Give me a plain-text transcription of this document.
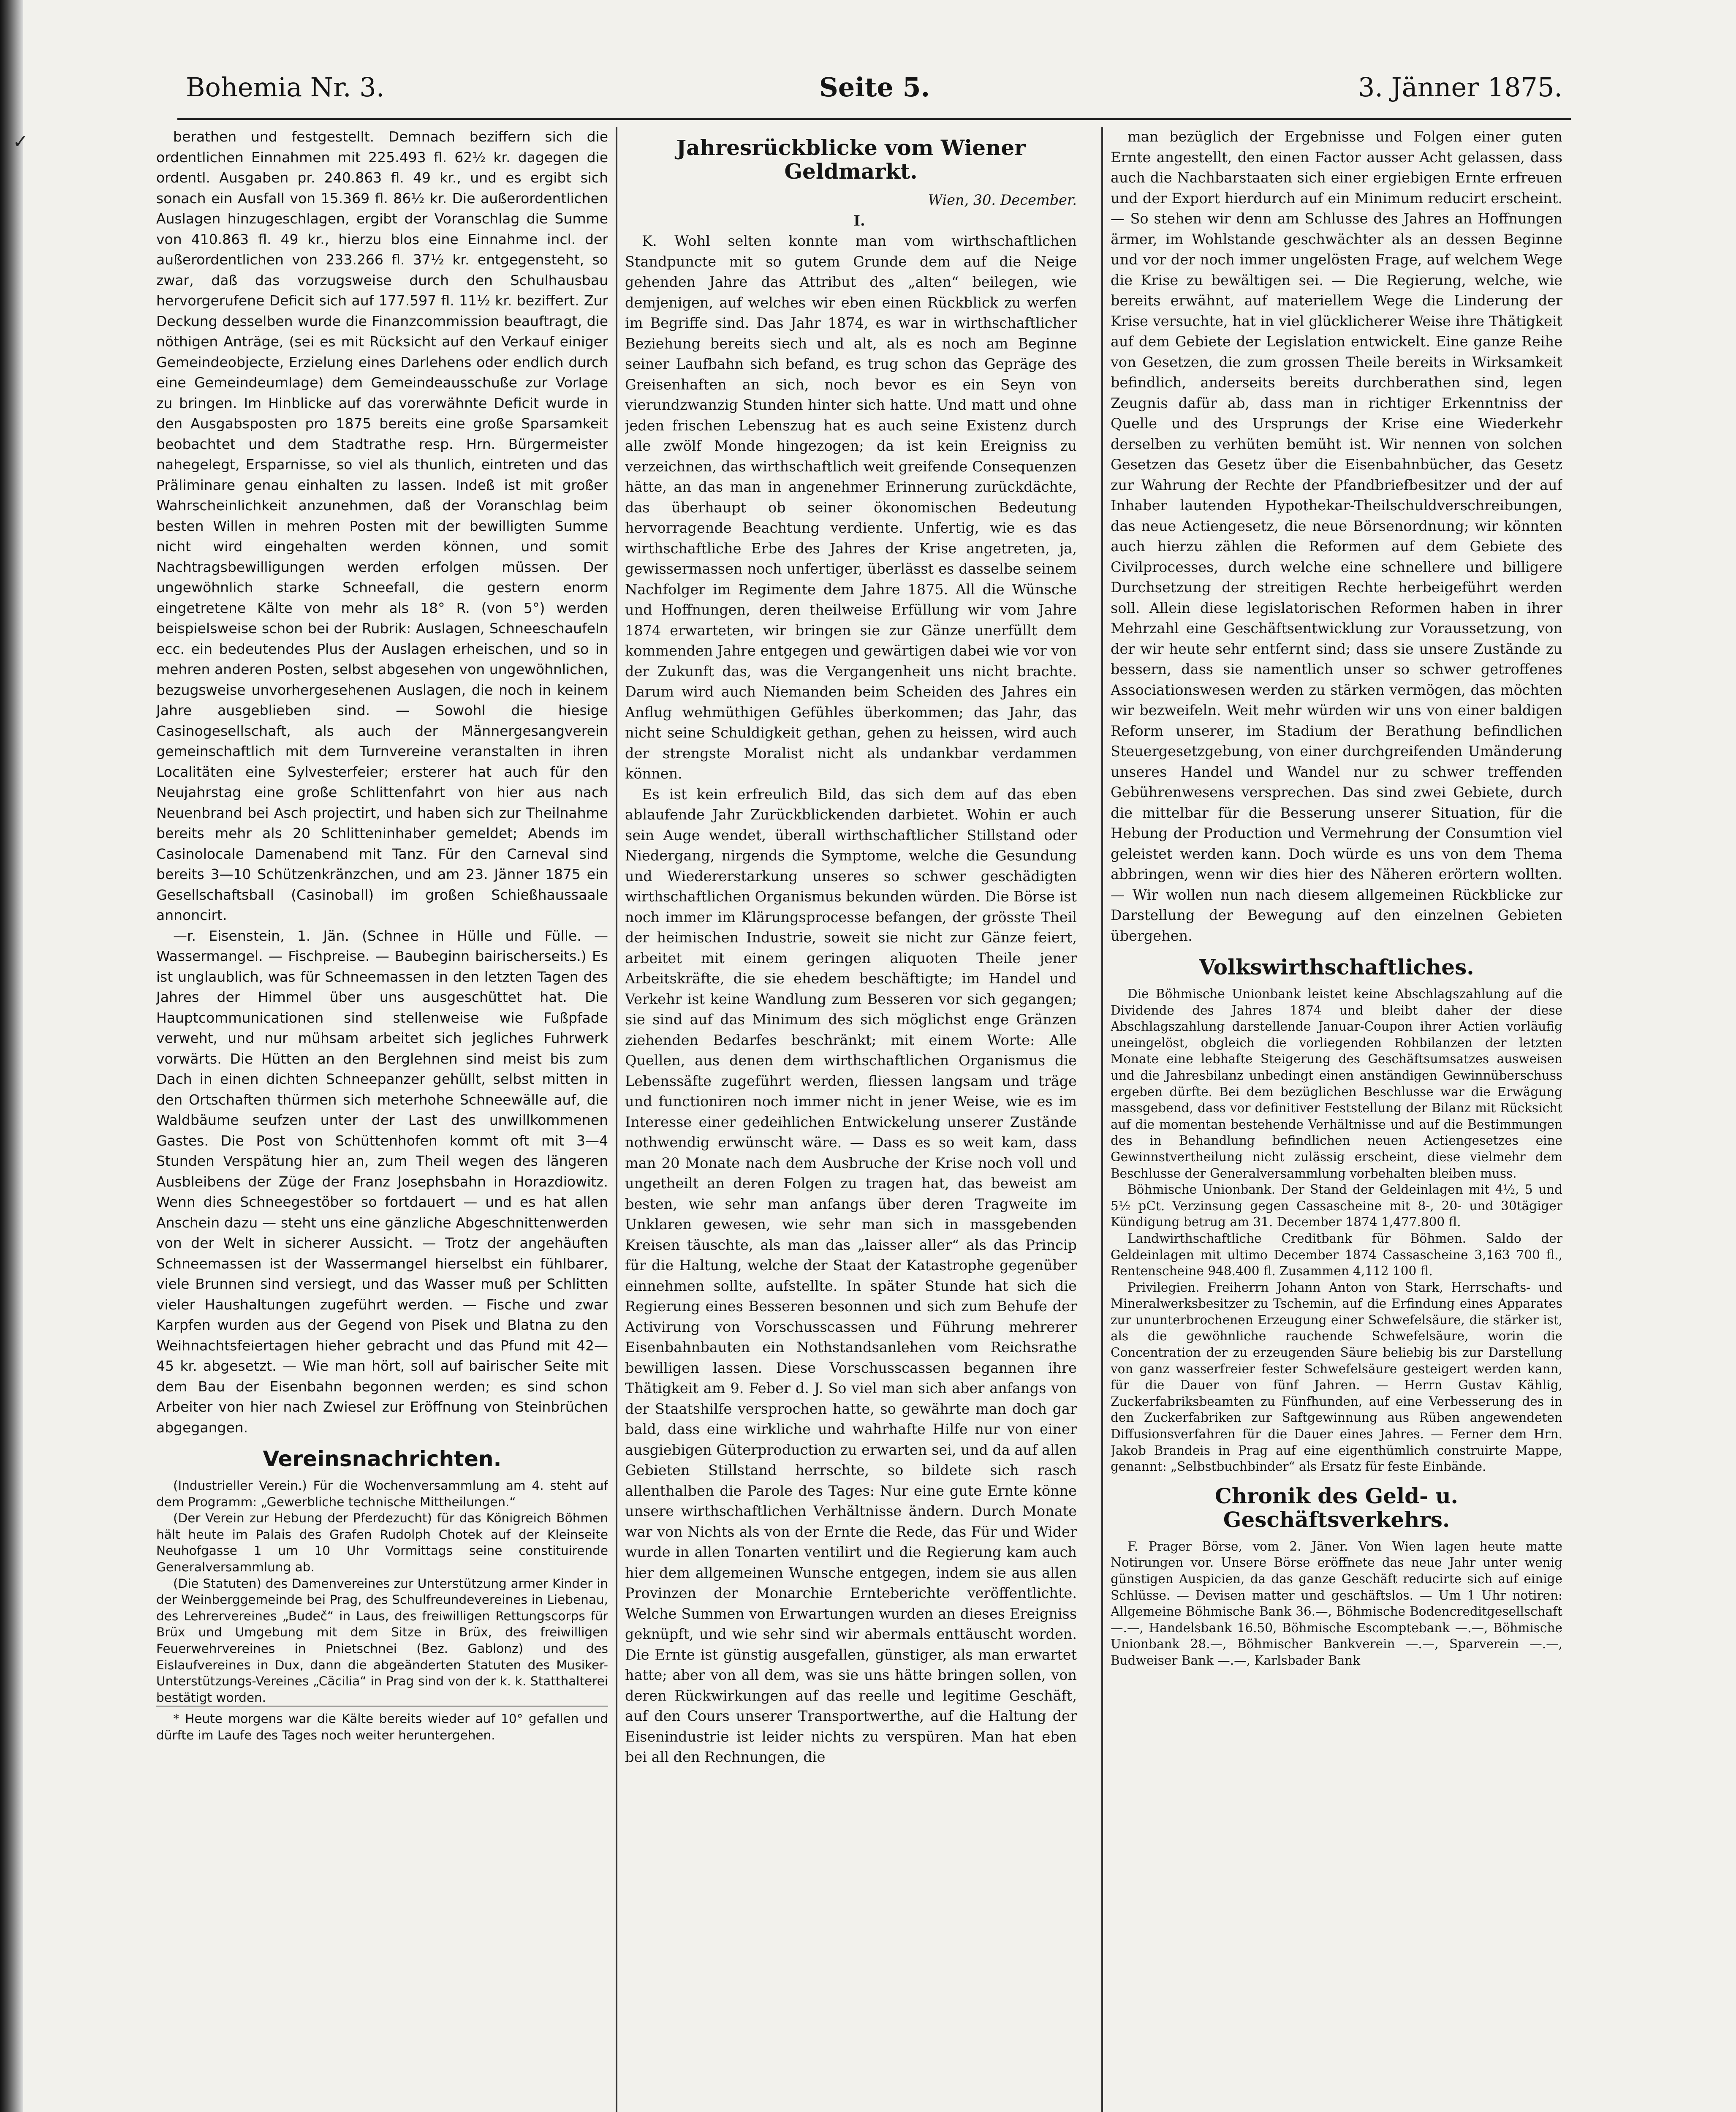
✓
Bohemia Nr. 3.	Seite 5.	3. Jänner 1875.

berathen und festgestellt. Demnach beziffern sich die ordentlichen Einnahmen mit 225.493 fl. 62½ kr. dagegen die ordentl. Ausgaben pr. 240.863 fl. 49 kr., und es ergibt sich sonach ein Ausfall von 15.369 fl. 86½ kr. Die außerordentlichen Auslagen hinzugeschlagen, ergibt der Voranschlag die Summe von 410.863 fl. 49 kr., hierzu blos eine Einnahme incl. der außerordentlichen von 233.266 fl. 37½ kr. entgegensteht, so zwar, daß das vorzugsweise durch den Schulhausbau hervorgerufene Deficit sich auf 177.597 fl. 11½ kr. beziffert. Zur Deckung desselben wurde die Finanzcommission beauftragt, die nöthigen Anträge, (sei es mit Rücksicht auf den Verkauf einiger Gemeindeobjecte, Erzielung eines Darlehens oder endlich durch eine Gemeindeumlage) dem Gemeindeausschuße zur Vorlage zu bringen. Im Hinblicke auf das vorerwähnte Deficit wurde in den Ausgabsposten pro 1875 bereits eine große Sparsamkeit beobachtet und dem Stadtrathe resp. Hrn. Bürgermeister nahegelegt, Ersparnisse, so viel als thunlich, eintreten und das Präliminare genau einhalten zu lassen. Indeß ist mit großer Wahrscheinlichkeit anzunehmen, daß der Voranschlag beim besten Willen in mehren Posten mit der bewilligten Summe nicht wird eingehalten werden können, und somit Nachtragsbewilligungen werden erfolgen müssen. Der ungewöhnlich starke Schneefall, die gestern enorm eingetretene Kälte von mehr als 18° R. (von 5°) werden beispielsweise schon bei der Rubrik: Auslagen, Schneeschaufeln ecc. ein bedeutendes Plus der Auslagen erheischen, und so in mehren anderen Posten, selbst abgesehen von ungewöhnlichen, bezugsweise unvorhergesehenen Auslagen, die noch in keinem Jahre ausgeblieben sind. — Sowohl die hiesige Casinogesellschaft, als auch der Männergesangverein gemeinschaftlich mit dem Turnvereine veranstalten in ihren Localitäten eine Sylvesterfeier; ersterer hat auch für den Neujahrstag eine große Schlittenfahrt von hier aus nach Neuenbrand bei Asch projectirt, und haben sich zur Theilnahme bereits mehr als 20 Schlitteninhaber gemeldet; Abends im Casinolocale Damenabend mit Tanz. Für den Carneval sind bereits 3—10 Schützenkränzchen, und am 23. Jänner 1875 ein Gesellschaftsball (Casinoball) im großen Schießhaussaale annoncirt.

—r. Eisenstein, 1. Jän. (Schnee in Hülle und Fülle. — Wassermangel. — Fischpreise. — Baubeginn bairischerseits.) Es ist unglaublich, was für Schneemassen in den letzten Tagen des Jahres der Himmel über uns ausgeschüttet hat. Die Hauptcommunicationen sind stellenweise wie Fußpfade verweht, und nur mühsam arbeitet sich jegliches Fuhrwerk vorwärts. Die Hütten an den Berglehnen sind meist bis zum Dach in einen dichten Schneepanzer gehüllt, selbst mitten in den Ortschaften thürmen sich meterhohe Schneewälle auf, die Waldbäume seufzen unter der Last des unwillkommenen Gastes. Die Post von Schüttenhofen kommt oft mit 3—4 Stunden Verspätung hier an, zum Theil wegen des längeren Ausbleibens der Züge der Franz Josephsbahn in Horazdiowitz. Wenn dies Schneegestöber so fortdauert — und es hat allen Anschein dazu — steht uns eine gänzliche Abgeschnittenwerden von der Welt in sicherer Aussicht. — Trotz der angehäuften Schneemassen ist der Wassermangel hierselbst ein fühlbarer, viele Brunnen sind versiegt, und das Wasser muß per Schlitten vieler Haushaltungen zugeführt werden. — Fische und zwar Karpfen wurden aus der Gegend von Pisek und Blatna zu den Weihnachtsfeiertagen hieher gebracht und das Pfund mit 42—45 kr. abgesetzt. — Wie man hört, soll auf bairischer Seite mit dem Bau der Eisenbahn begonnen werden; es sind schon Arbeiter von hier nach Zwiesel zur Eröffnung von Steinbrüchen abgegangen.

Vereinsnachrichten.

(Industrieller Verein.) Für die Wochenversammlung am 4. steht auf dem Programm: „Gewerbliche technische Mittheilungen.“

(Der Verein zur Hebung der Pferdezucht) für das Königreich Böhmen hält heute im Palais des Grafen Rudolph Chotek auf der Kleinseite Neuhofgasse 1 um 10 Uhr Vormittags seine constituirende Generalversammlung ab.

(Die Statuten) des Damenvereines zur Unterstützung armer Kinder in der Weinberggemeinde bei Prag, des Schulfreundevereines in Liebenau, des Lehrervereines „Budeč“ in Laus, des freiwilligen Rettungscorps für Brüx und Umgebung mit dem Sitze in Brüx, des freiwilligen Feuerwehrvereines in Pnietschnei (Bez. Gablonz) und des Eislaufvereines in Dux, dann die abgeänderten Statuten des Musiker-Unterstützungs-Vereines „Cäcilia“ in Prag sind von der k. k. Statthalterei bestätigt worden.

* Heute morgens war die Kälte bereits wieder auf 10° gefallen und dürfte im Laufe des Tages noch weiter heruntergehen.

Jahresrückblicke vom Wiener Geldmarkt.

Wien, 30. December.

I.

K. Wohl selten konnte man vom wirthschaftlichen Standpuncte mit so gutem Grunde dem auf die Neige gehenden Jahre das Attribut des „alten“ beilegen, wie demjenigen, auf welches wir eben einen Rückblick zu werfen im Begriffe sind. Das Jahr 1874, es war in wirthschaftlicher Beziehung bereits siech und alt, als es noch am Beginne seiner Laufbahn sich befand, es trug schon das Gepräge des Greisenhaften an sich, noch bevor es ein Seyn von vierundzwanzig Stunden hinter sich hatte. Und matt und ohne jeden frischen Lebenszug hat es auch seine Existenz durch alle zwölf Monde hingezogen; da ist kein Ereigniss zu verzeichnen, das wirthschaftlich weit greifende Consequenzen hätte, an das man in angenehmer Erinnerung zurückdächte, das überhaupt ob seiner ökonomischen Bedeutung hervorragende Beachtung verdiente. Unfertig, wie es das wirthschaftliche Erbe des Jahres der Krise angetreten, ja, gewissermassen noch unfertiger, überlässt es dasselbe seinem Nachfolger im Regimente dem Jahre 1875. All die Wünsche und Hoffnungen, deren theilweise Erfüllung wir vom Jahre 1874 erwarteten, wir bringen sie zur Gänze unerfüllt dem kommenden Jahre entgegen und gewärtigen dabei wie vor von der Zukunft das, was die Vergangenheit uns nicht brachte. Darum wird auch Niemanden beim Scheiden des Jahres ein Anflug wehmüthigen Gefühles überkommen; das Jahr, das nicht seine Schuldigkeit gethan, gehen zu heissen, wird auch der strengste Moralist nicht als undankbar verdammen können.

Es ist kein erfreulich Bild, das sich dem auf das eben ablaufende Jahr Zurückblickenden darbietet. Wohin er auch sein Auge wendet, überall wirthschaftlicher Stillstand oder Niedergang, nirgends die Symptome, welche die Gesundung und Wiedererstarkung unseres so schwer geschädigten wirthschaftlichen Organismus bekunden würden. Die Börse ist noch immer im Klärungsprocesse befangen, der grösste Theil der heimischen Industrie, soweit sie nicht zur Gänze feiert, arbeitet mit einem geringen aliquoten Theile jener Arbeitskräfte, die sie ehedem beschäftigte; im Handel und Verkehr ist keine Wandlung zum Besseren vor sich gegangen; sie sind auf das Minimum des sich möglichst enge Gränzen ziehenden Bedarfes beschränkt; mit einem Worte: Alle Quellen, aus denen dem wirthschaftlichen Organismus die Lebenssäfte zugeführt werden, fliessen langsam und träge und functioniren noch immer nicht in jener Weise, wie es im Interesse einer gedeihlichen Entwickelung unserer Zustände nothwendig erwünscht wäre. — Dass es so weit kam, dass man 20 Monate nach dem Ausbruche der Krise noch voll und ungetheilt an deren Folgen zu tragen hat, das beweist am besten, wie sehr man anfangs über deren Tragweite im Unklaren gewesen, wie sehr man sich in massgebenden Kreisen täuschte, als man das „laisser aller“ als das Princip für die Haltung, welche der Staat der Katastrophe gegenüber einnehmen sollte, aufstellte. In später Stunde hat sich die Regierung eines Besseren besonnen und sich zum Behufe der Activirung von Vorschusscassen und Führung mehrerer Eisenbahnbauten ein Nothstandsanlehen vom Reichsrathe bewilligen lassen. Diese Vorschusscassen begannen ihre Thätigkeit am 9. Feber d. J. So viel man sich aber anfangs von der Staatshilfe versprochen hatte, so gewährte man doch gar bald, dass eine wirkliche und wahrhafte Hilfe nur von einer ausgiebigen Güterproduction zu erwarten sei, und da auf allen Gebieten Stillstand herrschte, so bildete sich rasch allenthalben die Parole des Tages: Nur eine gute Ernte könne unsere wirthschaftlichen Verhältnisse ändern. Durch Monate war von Nichts als von der Ernte die Rede, das Für und Wider wurde in allen Tonarten ventilirt und die Regierung kam auch hier dem allgemeinen Wunsche entgegen, indem sie aus allen Provinzen der Monarchie Ernteberichte veröffentlichte. Welche Summen von Erwartungen wurden an dieses Ereigniss geknüpft, und wie sehr sind wir abermals enttäuscht worden. Die Ernte ist günstig ausgefallen, günstiger, als man erwartet hatte; aber von all dem, was sie uns hätte bringen sollen, von deren Rückwirkungen auf das reelle und legitime Geschäft, auf den Cours unserer Transportwerthe, auf die Haltung der Eisenindustrie ist leider nichts zu verspüren. Man hat eben bei all den Rechnungen, die

man bezüglich der Ergebnisse und Folgen einer guten Ernte angestellt, den einen Factor ausser Acht gelassen, dass auch die Nachbarstaaten sich einer ergiebigen Ernte erfreuen und der Export hierdurch auf ein Minimum reducirt erscheint. — So stehen wir denn am Schlusse des Jahres an Hoffnungen ärmer, im Wohlstande geschwächter als an dessen Beginne und vor der noch immer ungelösten Frage, auf welchem Wege die Krise zu bewältigen sei. — Die Regierung, welche, wie bereits erwähnt, auf materiellem Wege die Linderung der Krise versuchte, hat in viel glücklicherer Weise ihre Thätigkeit auf dem Gebiete der Legislation entwickelt. Eine ganze Reihe von Gesetzen, die zum grossen Theile bereits in Wirksamkeit befindlich, anderseits bereits durchberathen sind, legen Zeugnis dafür ab, dass man in richtiger Erkenntniss der Quelle und des Ursprungs der Krise eine Wiederkehr derselben zu verhüten bemüht ist. Wir nennen von solchen Gesetzen das Gesetz über die Eisenbahnbücher, das Gesetz zur Wahrung der Rechte der Pfandbriefbesitzer und der auf Inhaber lautenden Hypothekar-Theilschuldverschreibungen, das neue Actiengesetz, die neue Börsenordnung; wir könnten auch hierzu zählen die Reformen auf dem Gebiete des Civilprocesses, durch welche eine schnellere und billigere Durchsetzung der streitigen Rechte herbeigeführt werden soll. Allein diese legislatorischen Reformen haben in ihrer Mehrzahl eine Geschäftsentwicklung zur Voraussetzung, von der wir heute sehr entfernt sind; dass sie unsere Zustände zu bessern, dass sie namentlich unser so schwer getroffenes Associationswesen werden zu stärken vermögen, das möchten wir bezweifeln. Weit mehr würden wir uns von einer baldigen Reform unserer, im Stadium der Berathung befindlichen Steuergesetzgebung, von einer durchgreifenden Umänderung unseres Handel und Wandel nur zu schwer treffenden Gebührenwesens versprechen. Das sind zwei Gebiete, durch die mittelbar für die Besserung unserer Situation, für die Hebung der Production und Vermehrung der Consumtion viel geleistet werden kann. Doch würde es uns von dem Thema abbringen, wenn wir dies hier des Näheren erörtern wollten. — Wir wollen nun nach diesem allgemeinen Rückblicke zur Darstellung der Bewegung auf den einzelnen Gebieten übergehen.

Volkswirthschaftliches.

Die Böhmische Unionbank leistet keine Abschlagszahlung auf die Dividende des Jahres 1874 und bleibt daher der diese Abschlagszahlung darstellende Januar-Coupon ihrer Actien vorläufig uneingelöst, obgleich die vorliegenden Rohbilanzen der letzten Monate eine lebhafte Steigerung des Geschäftsumsatzes ausweisen und die Jahresbilanz unbedingt einen anständigen Gewinnüberschuss ergeben dürfte. Bei dem bezüglichen Beschlusse war die Erwägung massgebend, dass vor definitiver Feststellung der Bilanz mit Rücksicht auf die momentan bestehende Verhältnisse und auf die Bestimmungen des in Behandlung befindlichen neuen Actiengesetzes eine Gewinnstvertheilung nicht zulässig erscheint, diese vielmehr dem Beschlusse der Generalversammlung vorbehalten bleiben muss.

Böhmische Unionbank. Der Stand der Geldeinlagen mit 4½, 5 und 5½ pCt. Verzinsung gegen Cassascheine mit 8-, 20- und 30tägiger Kündigung betrug am 31. December 1874 1,477.800 fl.

Landwirthschaftliche Creditbank für Böhmen. Saldo der Geldeinlagen mit ultimo December 1874 Cassascheine 3,163 700 fl., Rentenscheine 948.400 fl. Zusammen 4,112 100 fl.

Privilegien. Freiherrn Johann Anton von Stark, Herrschafts- und Mineralwerksbesitzer zu Tschemin, auf die Erfindung eines Apparates zur ununterbrochenen Erzeugung einer Schwefelsäure, die stärker ist, als die gewöhnliche rauchende Schwefelsäure, worin die Concentration der zu erzeugenden Säure beliebig bis zur Darstellung von ganz wasserfreier fester Schwefelsäure gesteigert werden kann, für die Dauer von fünf Jahren. — Herrn Gustav Kählig, Zuckerfabriksbeamten zu Fünfhunden, auf eine Verbesserung des in den Zuckerfabriken zur Saftgewinnung aus Rüben angewendeten Diffusionsverfahren für die Dauer eines Jahres. — Ferner dem Hrn. Jakob Brandeis in Prag auf eine eigenthümlich construirte Mappe, genannt: „Selbstbuchbinder“ als Ersatz für feste Einbände.

Chronik des Geld- u. Geschäftsverkehrs.

F. Prager Börse, vom 2. Jäner. Von Wien lagen heute matte Notirungen vor. Unsere Börse eröffnete das neue Jahr unter wenig günstigen Auspicien, da das ganze Geschäft reducirte sich auf einige Schlüsse. — Devisen matter und geschäftslos. — Um 1 Uhr notiren: Allgemeine Böhmische Bank 36.—, Böhmische Bodencreditgesellschaft —.—, Handelsbank 16.50, Böhmische Escomptebank —.—, Böhmische Unionbank 28.—, Böhmischer Bankverein —.—, Sparverein —.—, Budweiser Bank —.—, Karlsbader Bank
